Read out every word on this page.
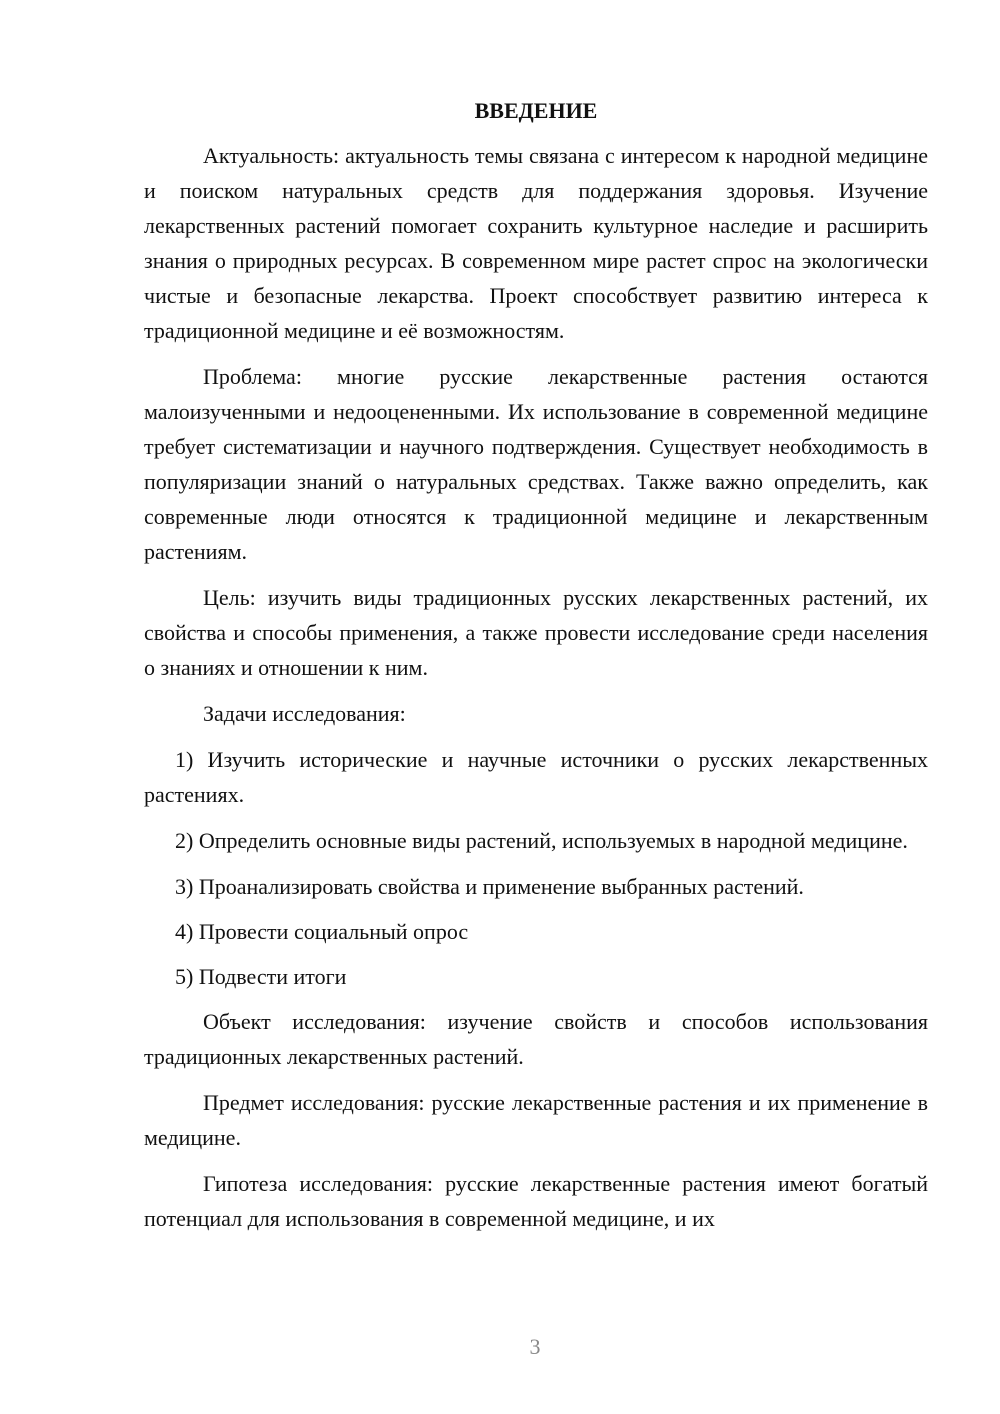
ВВЕДЕНИЕ

Актуальность: актуальность темы связана с интересом к народной медицине и поиском натуральных средств для поддержания здоровья. Изучение лекарственных растений помогает сохранить культурное наследие и расширить знания о природных ресурсах. В современном мире растет спрос на экологически чистые и безопасные лекарства. Проект способствует развитию интереса к традиционной медицине и её возможностям.

Проблема: многие русские лекарственные растения остаются малоизученными и недооцененными. Их использование в современной медицине требует систематизации и научного подтверждения. Существует необходимость в популяризации знаний о натуральных средствах. Также важно определить, как современные люди относятся к традиционной медицине и лекарственным растениям.

Цель: изучить виды традиционных русских лекарственных растений, их свойства и способы применения, а также провести исследование среди населения о знаниях и отношении к ним.

Задачи исследования:

1) Изучить исторические и научные источники о русских лекарственных растениях.

2) Определить основные виды растений, используемых в народной медицине.

3) Проанализировать свойства и применение выбранных растений.

4) Провести социальный опрос

5) Подвести итоги

Объект исследования: изучение свойств и способов использования традиционных лекарственных растений.

Предмет исследования: русские лекарственные растения и их применение в медицине.

Гипотеза исследования: русские лекарственные растения имеют богатый потенциал для использования в современной медицине, и их

3
